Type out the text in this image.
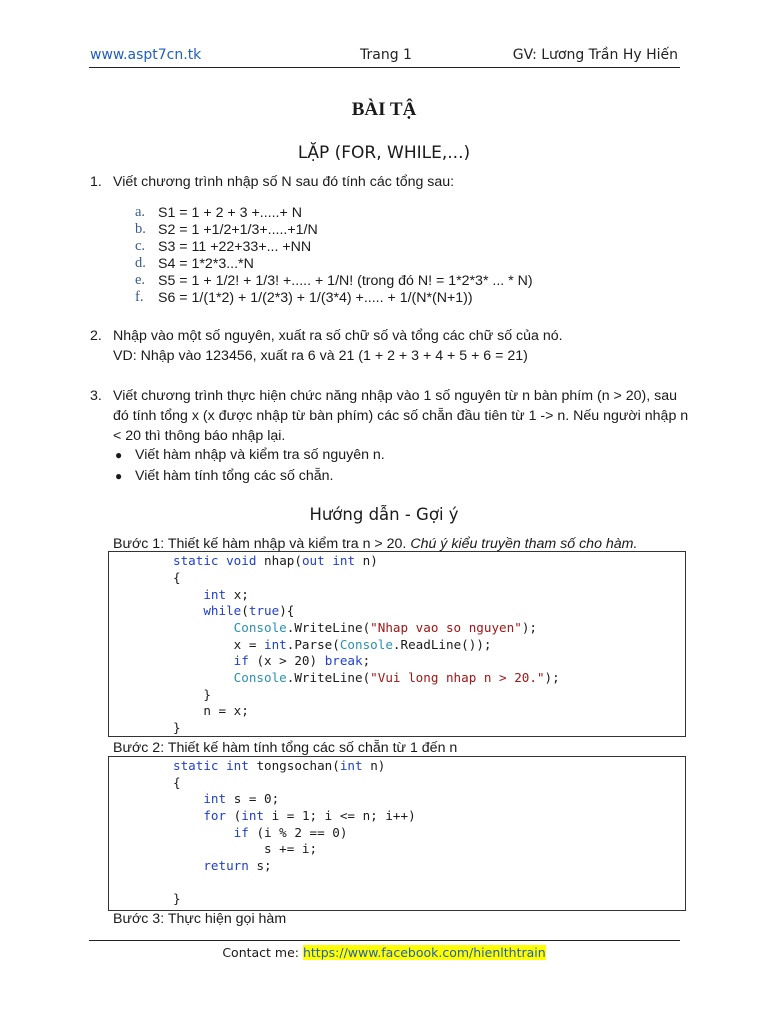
www.aspt7cn.tk	Trang 1	GV: Lương Trần Hy Hiến
BÀI TẬ
LẶP (FOR, WHILE,...)
1. Viết chương trình nhập số N sau đó tính các tổng sau:
a. S1 = 1 + 2 + 3 +.....+ N
b. S2 = 1 +1/2+1/3+.....+1/N
c. S3 = 11 +22+33+... +NN
d. S4 = 1*2*3...*N
e. S5 = 1 + 1/2! + 1/3! +..... + 1/N! (trong đó N! = 1*2*3* ... * N)
f. S6 = 1/(1*2) + 1/(2*3) + 1/(3*4) +..... + 1/(N*(N+1))
2. Nhập vào một số nguyên, xuất ra số chữ số và tổng các chữ số của nó.
VD: Nhập vào 123456, xuất ra 6 và 21 (1 + 2 + 3 + 4 + 5 + 6 = 21)
3. Viết chương trình thực hiện chức năng nhập vào 1 số nguyên từ n bàn phím (n > 20), sau
đó tính tổng x (x được nhập từ bàn phím) các số chẵn đầu tiên từ 1 -> n. Nếu người nhập n
< 20 thì thông báo nhập lại.
● Viết hàm nhập và kiểm tra số nguyên n.
● Viết hàm tính tổng các số chẵn.
Hướng dẫn - Gợi ý
Bước 1: Thiết kế hàm nhập và kiểm tra n > 20. Chú ý kiểu truyền tham số cho hàm.
static void nhap(out int n)
{
int x;
while(true){
Console.WriteLine("Nhap vao so nguyen");
x = int.Parse(Console.ReadLine());
if (x > 20) break;
Console.WriteLine("Vui long nhap n > 20.");
}
n = x;
}
Bước 2: Thiết kế hàm tính tổng các số chẵn từ 1 đến n
static int tongsochan(int n)
{
int s = 0;
for (int i = 1; i <= n; i++)
if (i % 2 == 0)
s += i;
return s;
}
Bước 3: Thực hiện gọi hàm
Contact me: https://www.facebook.com/hienlthtrain
